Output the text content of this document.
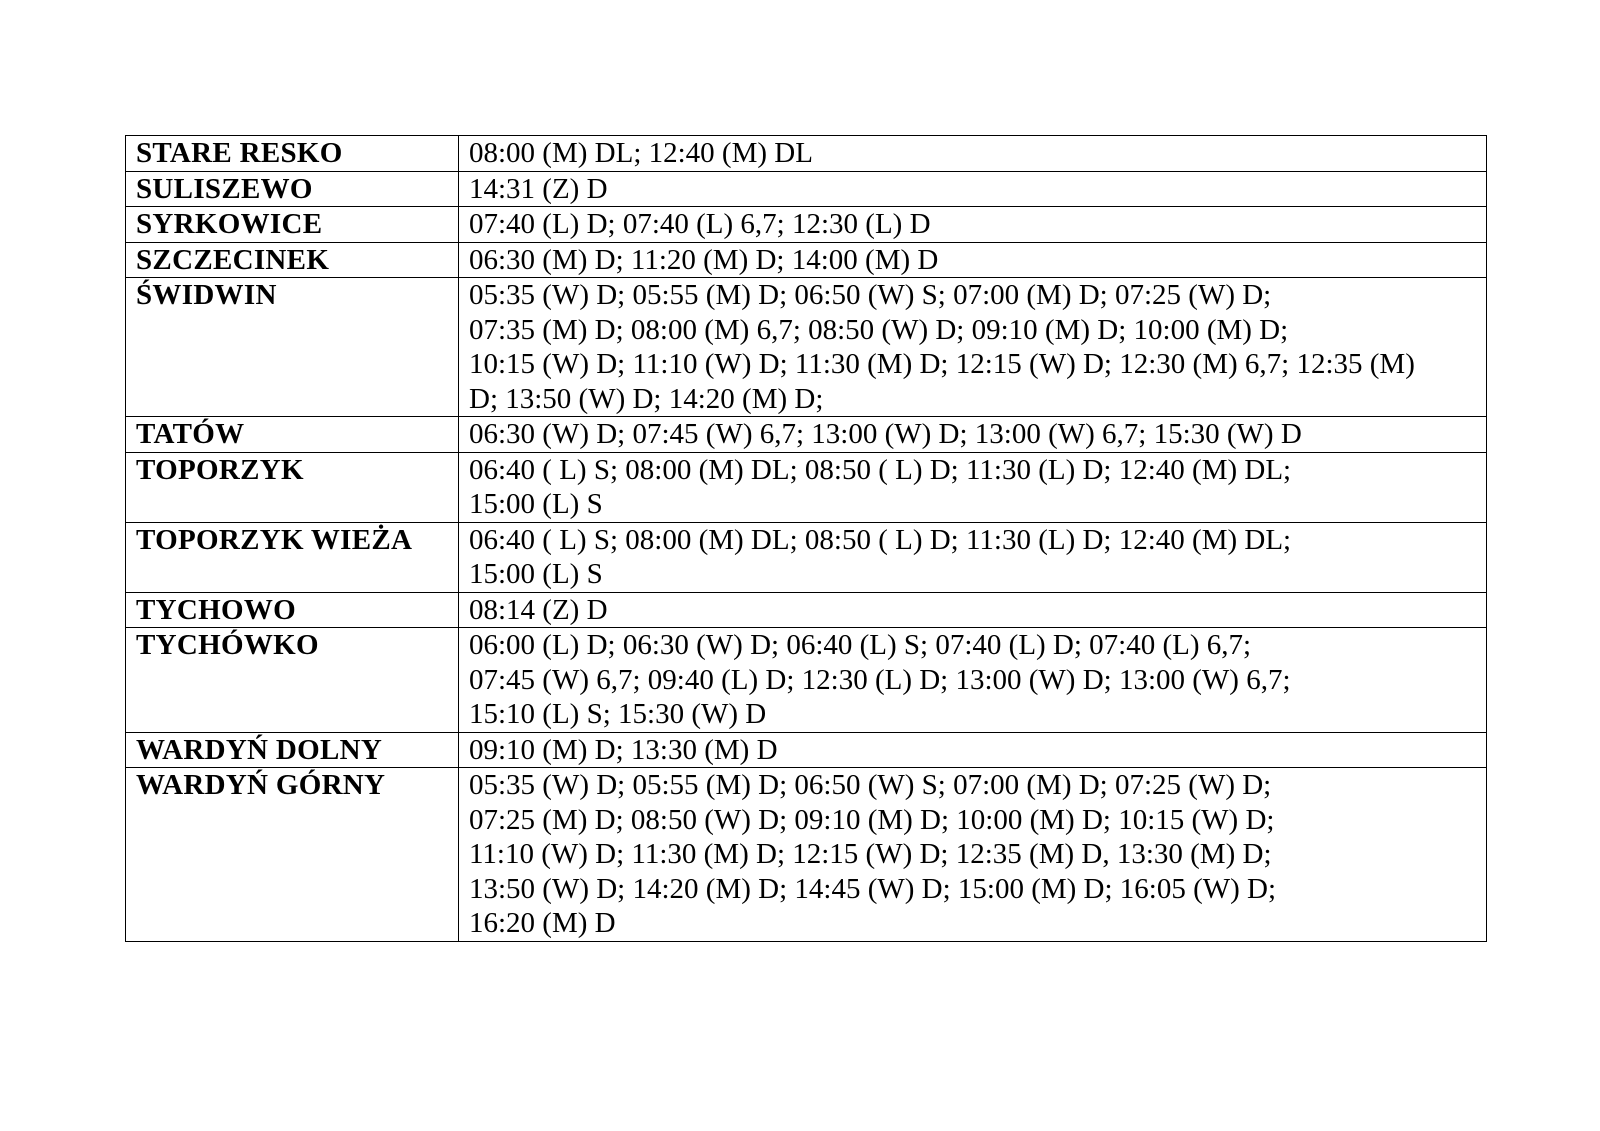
STARE RESKO	08:00 (M) DL; 12:40 (M) DL
SULISZEWO	14:31 (Z) D
SYRKOWICE	07:40 (L) D; 07:40 (L) 6,7; 12:30 (L) D
SZCZECINEK	06:30 (M) D; 11:20 (M) D; 14:00 (M) D
ŚWIDWIN	05:35 (W) D; 05:55 (M) D; 06:50 (W) S; 07:00 (M) D; 07:25 (W) D;
07:35 (M) D; 08:00 (M) 6,7; 08:50 (W) D; 09:10 (M) D; 10:00 (M) D;
10:15 (W) D; 11:10 (W) D; 11:30 (M) D; 12:15 (W) D; 12:30 (M) 6,7; 12:35 (M)
D; 13:50 (W) D; 14:20 (M) D;
TATÓW	06:30 (W) D; 07:45 (W) 6,7; 13:00 (W) D; 13:00 (W) 6,7; 15:30 (W) D
TOPORZYK	06:40 ( L) S; 08:00 (M) DL; 08:50 ( L) D; 11:30 (L) D; 12:40 (M) DL;
15:00 (L) S
TOPORZYK WIEŻA	06:40 ( L) S; 08:00 (M) DL; 08:50 ( L) D; 11:30 (L) D; 12:40 (M) DL;
15:00 (L) S
TYCHOWO	08:14 (Z) D
TYCHÓWKO	06:00 (L) D; 06:30 (W) D; 06:40 (L) S; 07:40 (L) D; 07:40 (L) 6,7;
07:45 (W) 6,7; 09:40 (L) D; 12:30 (L) D; 13:00 (W) D; 13:00 (W) 6,7;
15:10 (L) S; 15:30 (W) D
WARDYŃ DOLNY	09:10 (M) D; 13:30 (M) D
WARDYŃ GÓRNY	05:35 (W) D; 05:55 (M) D; 06:50 (W) S; 07:00 (M) D; 07:25 (W) D;
07:25 (M) D; 08:50 (W) D; 09:10 (M) D; 10:00 (M) D; 10:15 (W) D;
11:10 (W) D; 11:30 (M) D; 12:15 (W) D; 12:35 (M) D, 13:30 (M) D;
13:50 (W) D; 14:20 (M) D; 14:45 (W) D; 15:00 (M) D; 16:05 (W) D;
16:20 (M) D
